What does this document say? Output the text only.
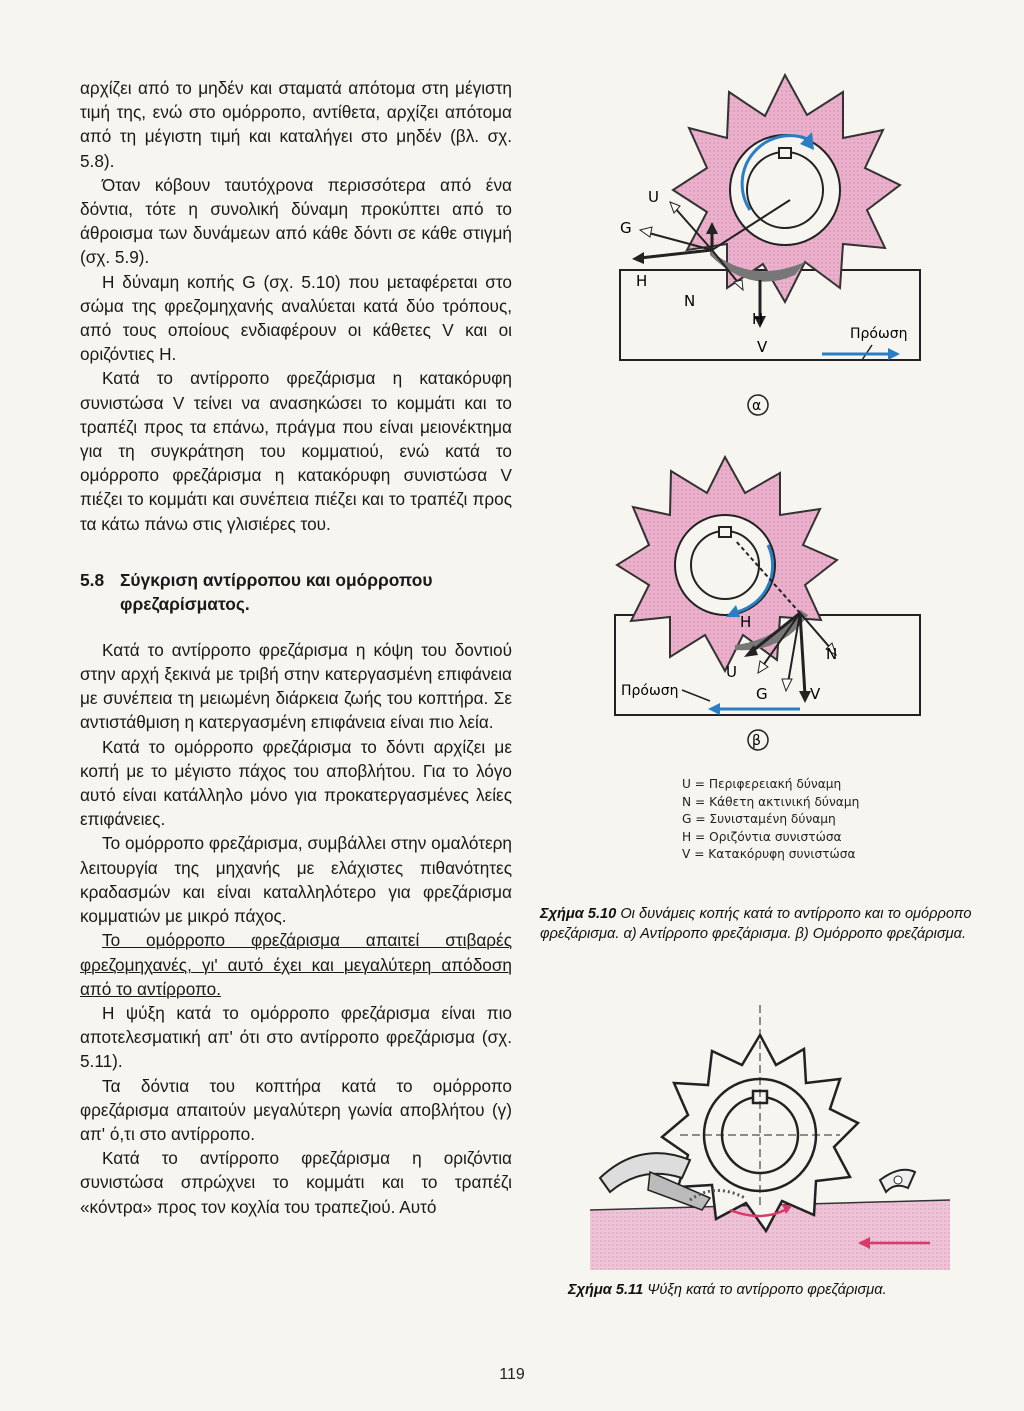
αρχίζει από το μηδέν και σταματά απότομα στη μέγιστη τιμή της, ενώ στο ομόρροπο, αντίθετα, αρχίζει απότομα από τη μέγιστη τιμή και καταλήγει στο μηδέν (βλ. σχ. 5.8).

Όταν κόβουν ταυτόχρονα περισσότερα από ένα δόντια, τότε η συνολική δύναμη προκύπτει από το άθροισμα των δυνάμεων από κάθε δόντι σε κάθε στιγμή (σχ. 5.9).

Η δύναμη κοπής G (σχ. 5.10) που μεταφέρεται στο σώμα της φρεζομηχανής αναλύεται κατά δύο τρόπους, από τους οποίους ενδιαφέρουν οι κάθετες V και οι οριζόντιες H.

Κατά το αντίρροπο φρεζάρισμα η κατακόρυφη συνιστώσα V τείνει να ανασηκώσει το κομμάτι και το τραπέζι προς τα επάνω, πράγμα που είναι μειονέκτημα για τη συγκράτηση του κομματιού, ενώ κατά το ομόρροπο φρεζάρισμα η κατακόρυφη συνιστώσα V πιέζει το κομμάτι και συνέπεια πιέζει και το τραπέζι προς τα κάτω πάνω στις γλισιέρες του.

5.8 Σύγκριση αντίρροπου και ομόρροπου φρεζαρίσματος.

Κατά το αντίρροπο φρεζάρισμα η κόψη του δοντιού στην αρχή ξεκινά με τριβή στην κατεργασμένη επιφάνεια με συνέπεια τη μειωμένη διάρκεια ζωής του κοπτήρα. Σε αντιστάθμιση η κατεργασμένη επιφάνεια είναι πιο λεία.

Κατά το ομόρροπο φρεζάρισμα το δόντι αρχίζει με κοπή με το μέγιστο πάχος του αποβλήτου. Για το λόγο αυτό είναι κατάλληλο μόνο για προκατεργασμένες λείες επιφάνειες.

Το ομόρροπο φρεζάρισμα, συμβάλλει στην ομαλότερη λειτουργία της μηχανής με ελάχιστες πιθανότητες κραδασμών και είναι καταλληλότερο για φρεζάρισμα κομματιών με μικρό πάχος.

Το ομόρροπο φρεζάρισμα απαιτεί στιβαρές φρεζομηχανές, γι' αυτό έχει και μεγαλύτερη απόδοση από το αντίρροπο.

Η ψύξη κατά το ομόρροπο φρεζάρισμα είναι πιο αποτελεσματική απ' ότι στο αντίρροπο φρεζάρισμα (σχ. 5.11).

Τα δόντια του κοπτήρα κατά το ομόρροπο φρεζάρισμα απαιτούν μεγαλύτερη γωνία αποβλήτου (γ) απ' ό,τι στο αντίρροπο.

Κατά το αντίρροπο φρεζάρισμα η οριζόντια συνιστώσα σπρώχνει το κομμάτι και το τραπέζι «κόντρα» προς τον κοχλία του τραπεζιού. Αυτό

U
G
H
N
H
V
Πρόωση
α
H
N
U
G	V
Πρόωση
β
U = Περιφερειακή δύναμη
N = Κάθετη ακτινική δύναμη
G = Συνισταμένη δύναμη
H = Οριζόντια συνιστώσα
V = Κατακόρυφη συνιστώσα
Σχήμα 5.10 Οι δυνάμεις κοπής κατά το αντίρροπο και το ομόρροπο φρεζάρισμα. α) Αντίρροπο φρεζάρισμα. β) Ομόρροπο φρεζάρισμα.
Σχήμα 5.11 Ψύξη κατά το αντίρροπο φρεζάρισμα.
119
